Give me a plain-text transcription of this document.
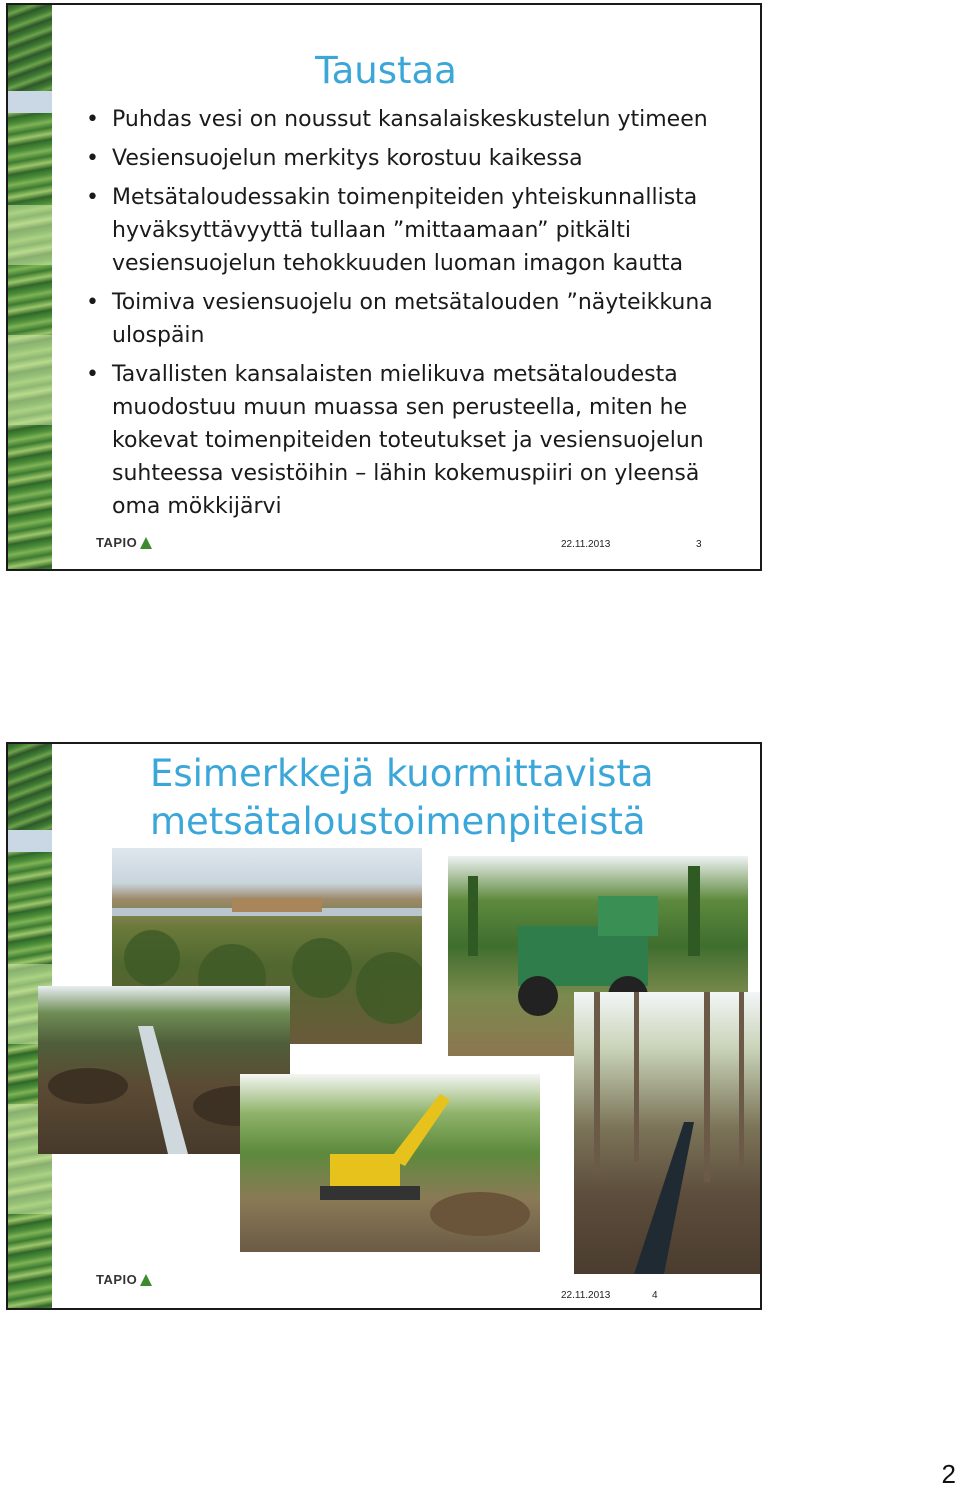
Taustaa
• Puhdas vesi on noussut kansalaiskeskustelun ytimeen
• Vesiensuojelun merkitys korostuu kaikessa
• Metsätaloudessakin toimenpiteiden yhteiskunnallista hyväksyttävyyttä tullaan ”mittaamaan” pitkälti vesiensuojelun tehokkuuden luoman imagon kautta
• Toimiva vesiensuojelu on metsätalouden ”näyteikkuna ulospäin
• Tavallisten kansalaisten mielikuva metsätaloudesta muodostuu muun muassa sen perusteella, miten he kokevat toimenpiteiden toteutukset ja vesiensuojelun suhteessa vesistöihin – lähin kokemuspiiri on yleensä oma mökkijärvi
TAPIO	22.11.2013	3
Esimerkkejä kuormittavista
metsätaloustoimenpiteistä
TAPIO
22.11.2013	4
2
